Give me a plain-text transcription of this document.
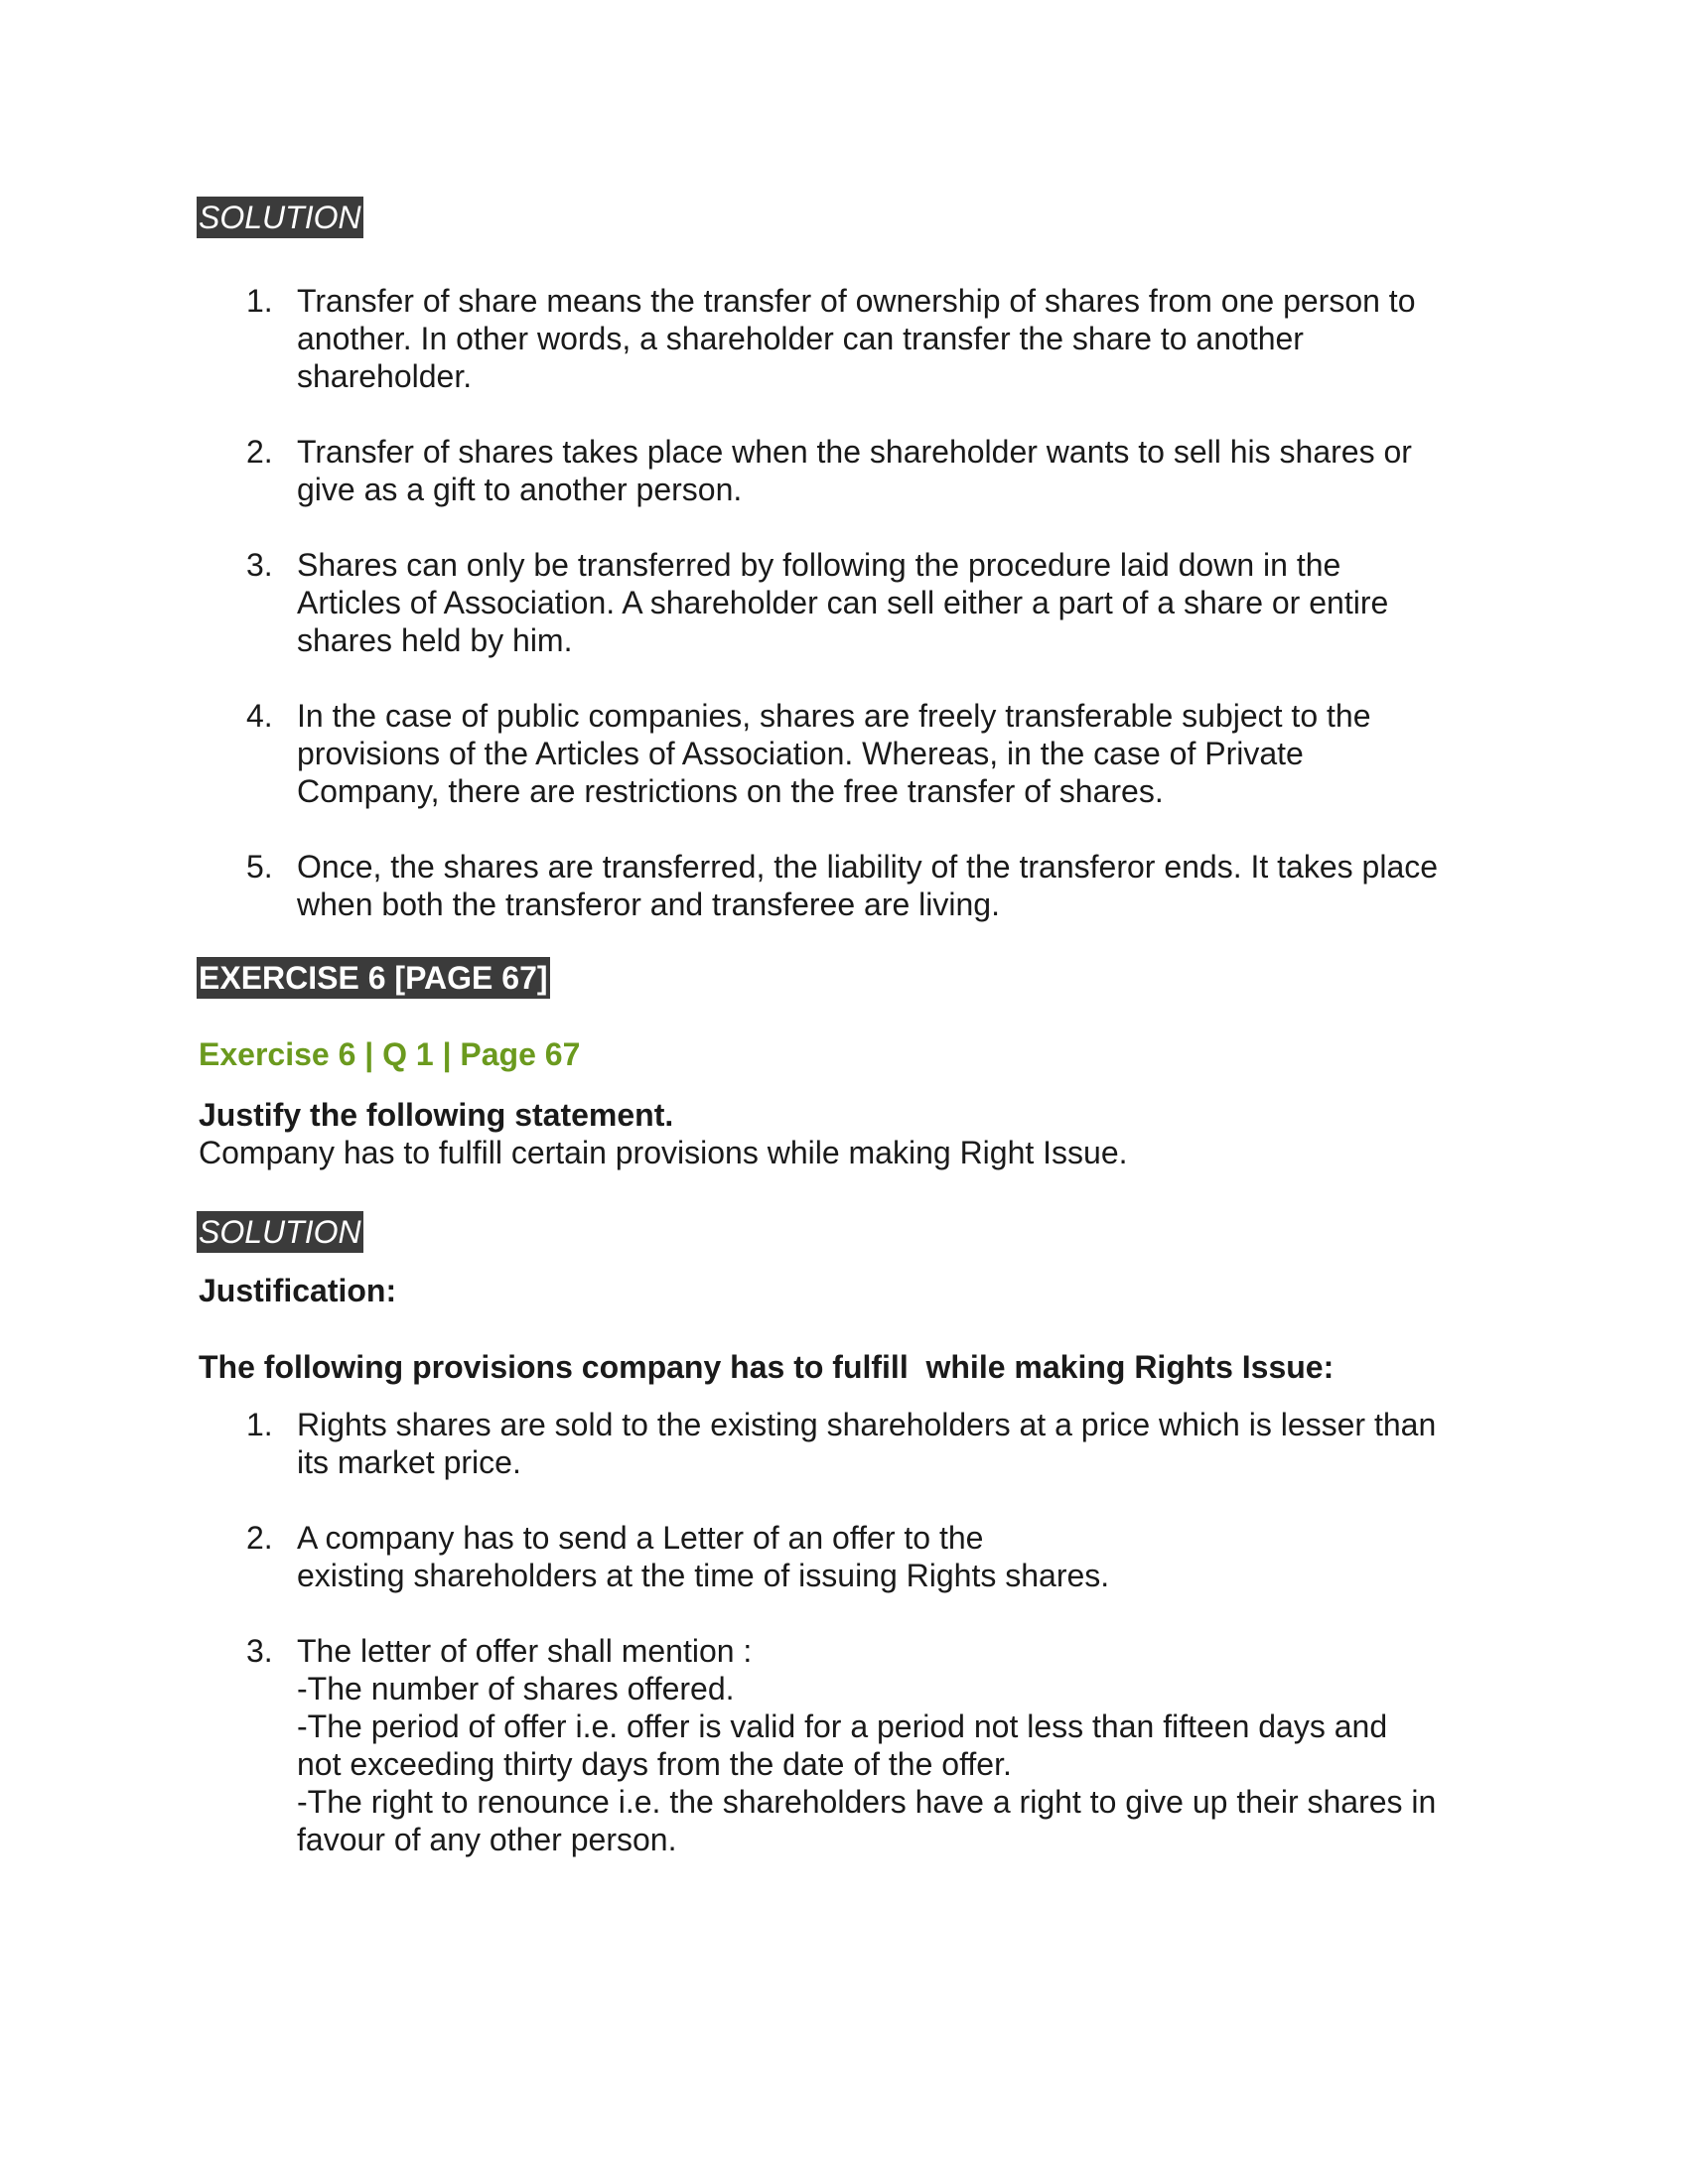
SOLUTION
1. Transfer of share means the transfer of ownership of shares from one person to
another. In other words, a shareholder can transfer the share to another
shareholder.
2. Transfer of shares takes place when the shareholder wants to sell his shares or
give as a gift to another person.
3. Shares can only be transferred by following the procedure laid down in the
Articles of Association. A shareholder can sell either a part of a share or entire
shares held by him.
4. In the case of public companies, shares are freely transferable subject to the
provisions of the Articles of Association. Whereas, in the case of Private
Company, there are restrictions on the free transfer of shares.
5. Once, the shares are transferred, the liability of the transferor ends. It takes place
when both the transferor and transferee are living.
EXERCISE 6 [PAGE 67]
Exercise 6 | Q 1 | Page 67
Justify the following statement.
Company has to fulfill certain provisions while making Right Issue.
SOLUTION
Justification:
The following provisions company has to fulfill  while making Rights Issue:
1. Rights shares are sold to the existing shareholders at a price which is lesser than
its market price.
2. A company has to send a Letter of an offer to the
existing shareholders at the time of issuing Rights shares.
3. The letter of offer shall mention :
-The number of shares offered.
-The period of offer i.e. offer is valid for a period not less than fifteen days and
not exceeding thirty days from the date of the offer.
-The right to renounce i.e. the shareholders have a right to give up their shares in
favour of any other person.
